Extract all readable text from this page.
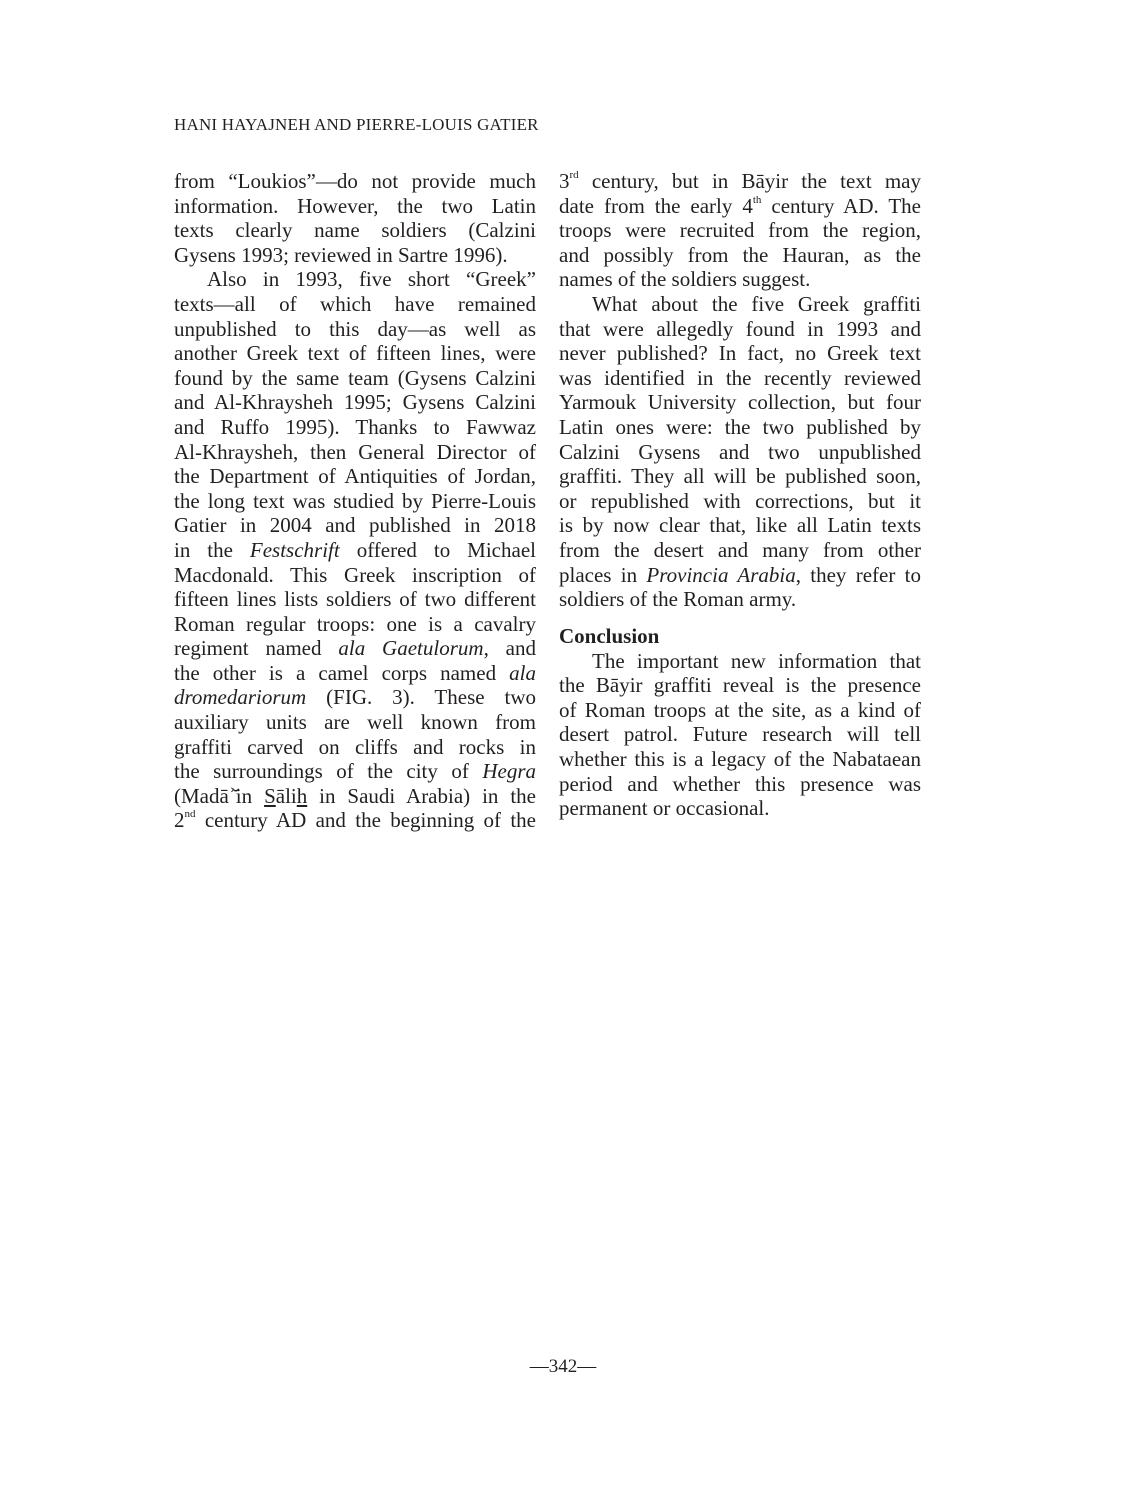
HANI HAYAJNEH AND PIERRE-LOUIS GATIER
from “Loukios”—do not provide much
information. However, the two Latin
texts clearly name soldiers (Calzini
Gysens 1993; reviewed in Sartre 1996).
Also in 1993, five short “Greek”
texts—all of which have remained
unpublished to this day—as well as
another Greek text of fifteen lines, were
found by the same team (Gysens Calzini
and Al-Khraysheh 1995; Gysens Calzini
and Ruffo 1995). Thanks to Fawwaz
Al-Khraysheh, then General Director of
the Department of Antiquities of Jordan,
the long text was studied by Pierre-Louis
Gatier in 2004 and published in 2018
in the Festschrift offered to Michael
Macdonald. This Greek inscription of
fifteen lines lists soldiers of two different
Roman regular troops: one is a cavalry
regiment named ala Gaetulorum, and
the other is a camel corps named ala
dromedariorum (FIG. 3). These two
auxiliary units are well known from
graffiti carved on cliffs and rocks in
the surroundings of the city of Hegra
(Madāʾ̆in Sālih in Saudi Arabia) in the
2nd century AD and the beginning of the
3rd century, but in Bāyir the text may
date from the early 4th century AD. The
troops were recruited from the region,
and possibly from the Hauran, as the
names of the soldiers suggest.
What about the five Greek graffiti
that were allegedly found in 1993 and
never published? In fact, no Greek text
was identified in the recently reviewed
Yarmouk University collection, but four
Latin ones were: the two published by
Calzini Gysens and two unpublished
graffiti. They all will be published soon,
or republished with corrections, but it
is by now clear that, like all Latin texts
from the desert and many from other
places in Provincia Arabia, they refer to
soldiers of the Roman army.
Conclusion
The important new information that
the Bāyir graffiti reveal is the presence
of Roman troops at the site, as a kind of
desert patrol. Future research will tell
whether this is a legacy of the Nabataean
period and whether this presence was
permanent or occasional.
—342—
